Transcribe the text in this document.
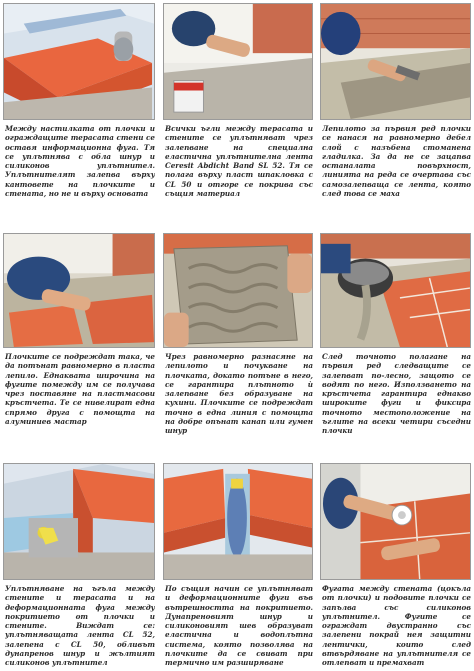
Между настилката от плочки и ограждащите терасата стени се оставя информационна фуга. Тя се уплътнява с обла шнур и силиконов уплътнител. Уплътнителят залепва върху кантовете на плочките и стената, но не и върху основата

Всички ъгли между терасата и стените се уплътняват чрез залепване на специална еластична уплътнителна лента Ceresit Abdicht Band SL 52. Тя се полага върху пласт шпакловка с CL 50 и отгоре се покрива със същия материал

Лепилото за първия ред плочки се нанася на равномерно дебел слой с назъбена стоманена гладилка. За да не се зацапва останалата повърхност, линията на реда се очертава със самозалепваща се лента, която след това се маха

Плочките се подреждат така, че да потънат равномерно в пласта лепило. Еднаквата широчина на фугите помежду им се получава чрез поставяне на пластмасови кръстчета. Те се нивелират една спрямо друга с помощта на алуминиев мастар

Чрез равномерно разнасяне на лепилото и почукване на плочката, докато потъне в него, се гарантира плътното ѝ залепване без образуване на кухини. Плочките се подреждат точно в една линия с помощта на добре опънат канап или гумен шнур

След точното полагане на първия ред следващите се залепват по-лесно, защото се водят по него. Използването на кръстчета гарантира еднакво широките фуги и фиксира точното местоположение на ъглите на всеки четири съседни плочки

Уплътняване на ъгъла между стените и терасата и на деформационната фуга между покритието от плочки и стените. Виждат се: уплътняващата лента CL 52, залепена с CL 50, обливът дунапренов шнур и жълтият силиконов уплътнител

По същия начин се уплътняват и деформационните фуги във вътрешността на покритието. Дунапреновият шнур и силиконовият шев образуват еластична и водоплътна система, която позволява на плочките да се свиват при термично им разширяване

Фугата между стената (цокъла от плочки) и подовите плочки се запълва със силиконов уплътнител. Фугите се ограждат двустранно със залепени покрай нея защитни лентички, които след втвърдяване на уплътнителя се отлепват и премахват
